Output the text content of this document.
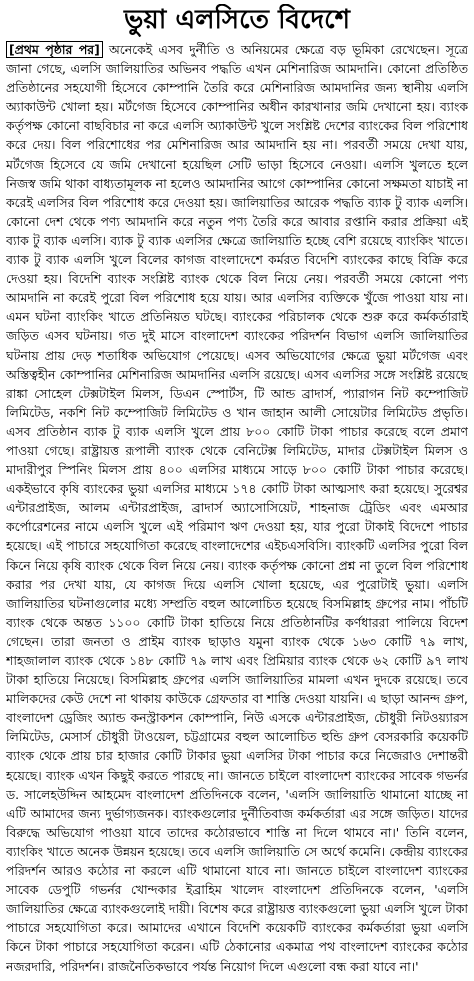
ভুয়া এলসিতে বিদেশে
[প্রথম পৃষ্ঠার পর] অনেকেই এসব দুর্নীতি ও অনিয়মের ক্ষেত্রে বড় ভূমিকা রেখেছেন। সূত্রে জানা গেছে, এলসি জালিয়াতির অভিনব পদ্ধতি এখন মেশিনারিজ আমদানি। কোনো প্রতিষ্ঠিত প্রতিষ্ঠানের সহযোগী হিসেবে কোম্পানি তৈরি করে মেশিনারিজ আমদানির জন্য স্থানীয় এলসি অ্যাকাউন্ট খোলা হয়। মর্টগেজ হিসেবে কোম্পানির অধীন কারখানার জমি দেখানো হয়। ব্যাংক কর্তৃপক্ষ কোনো বাছবিচার না করে এলসি অ্যাকাউন্ট খুলে সংশ্লিষ্ট দেশের ব্যাংকের বিল পরিশোধ করে দেয়। বিল পরিশোধের পর মেশিনারিজ আর আমদানি হয় না। পরবর্তী সময়ে দেখা যায়, মর্টগেজ হিসেবে যে জমি দেখানো হয়েছিল সেটি ভাড়া হিসেবে নেওয়া। এলসি খুলতে হলে নিজস্ব জমি থাকা বাধ্যতামূলক না হলেও আমদানির আগে কোম্পানির কোনো সক্ষমতা যাচাই না করেই এলসির বিল পরিশোধ করে দেওয়া হয়। জালিয়াতির আরেক পদ্ধতি ব্যাক টু ব্যাক এলসি। কোনো দেশ থেকে পণ্য আমদানি করে নতুন পণ্য তৈরি করে আবার রপ্তানি করার প্রক্রিয়া এই ব্যাক টু ব্যাক এলসি। ব্যাক টু ব্যাক এলসির ক্ষেত্রে জালিয়াতি হচ্ছে বেশি রয়েছে ব্যাংকিং খাতে। ব্যাক টু ব্যাক এলসি খুলে বিলের কাগজ বাংলাদেশে কর্মরত বিদেশি ব্যাংকের কাছে বিক্রি করে দেওয়া হয়। বিদেশি ব্যাংক সংশ্লিষ্ট ব্যাংক থেকে বিল নিয়ে নেয়। পরবর্তী সময়ে কোনো পণ্য আমদানি না করেই পুরো বিল পরিশোধ হয়ে যায়। আর এলসির ব্যক্তিকে খুঁজে পাওয়া যায় না। এমন ঘটনা ব্যাংকিং খাতে প্রতিনিয়ত ঘটছে। ব্যাংকের পরিচালক থেকে শুরু করে কর্মকর্তারাই জড়িত এসব ঘটনায়। গত দুই মাসে বাংলাদেশ ব্যাংকের পরিদর্শন বিভাগ এলসি জালিয়াতির ঘটনায় প্রায় দেড় শতাধিক অভিযোগ পেয়েছে। এসব অভিযোগের ক্ষেত্রে ভুয়া মর্টগেজ এবং অস্তিত্বহীন কোম্পানির মেশিনারিজ আমদানির এলসি রয়েছে। এসব এলসির সঙ্গে সংশ্লিষ্ট রয়েছে রাঙ্কা সোহেল টেক্সটাইল মিলস, ডিএন স্পোর্টস, টি আন্ড ব্রাদার্স, প্যারাগন নিট কম্পোজিট লিমিটেড, নকশি নিট কম্পোজিট লিমিটেড ও খান জাহান আলী সোয়েটার লিমিটেড প্রভৃতি। এসব প্রতিষ্ঠান ব্যাক টু ব্যাক এলসি খুলে প্রায় ৮০০ কোটি টাকা পাচার করেছে বলে প্রমাণ পাওয়া গেছে। রাষ্ট্রায়ত্ত রূপালী ব্যাংক থেকে বেনিটেক্স লিমিটেড, মাদার টেক্সটাইল মিলস ও মাদারীপুর স্পিনিং মিলস প্রায় ৪০০ এলসির মাধ্যমে সাড়ে ৮০০ কোটি টাকা পাচার করেছে। একইভাবে কৃষি ব্যাংকের ভুয়া এলসির মাধ্যমে ১৭৪ কোটি টাকা আত্মসাৎ করা হয়েছে। সুরেশ্বর এন্টারপ্রাইজ, আলম এন্টারপ্রাইজ, ব্রাদার্স অ্যাসোসিয়েট, শাহনাজ ট্রেডিং এবং এমআর কর্পোরেশনের নামে এলসি খুলে এই পরিমাণ ঋণ দেওয়া হয়, যার পুরো টাকাই বিদেশে পাচার হয়েছে। এই পাচারে সহযোগিতা করেছে বাংলাদেশের এইচএসবিসি। ব্যাংকটি এলসির পুরো বিল কিনে নিয়ে কৃষি ব্যাংক থেকে বিল নিয়ে নেয়। ব্যাংক কর্তৃপক্ষ কোনো প্রশ্ন না তুলে বিল পরিশোধ করার পর দেখা যায়, যে কাগজ দিয়ে এলসি খোলা হয়েছে, এর পুরোটাই ভুয়া। এলসি জালিয়াতির ঘটনাগুলোর মধ্যে সম্প্রতি বহুল আলোচিত হয়েছে বিসমিল্লাহ গ্রুপের নাম। পাঁচটি ব্যাংক থেকে অন্তত ১১০০ কোটি টাকা হাতিয়ে নিয়ে প্রতিষ্ঠানটির কর্ণধাররা পালিয়ে বিদেশ গেছেন। তারা জনতা ও প্রাইম ব্যাংক ছাড়াও যমুনা ব্যাংক থেকে ১৬৩ কোটি ৭৯ লাখ, শাহজালাল ব্যাংক থেকে ১৪৮ কোটি ৭৯ লাখ এবং প্রিমিয়ার ব্যাংক থেকে ৬২ কোটি ৯৭ লাখ টাকা হাতিয়ে নিয়েছে। বিসমিল্লাহ গ্রুপের এলসি জালিয়াতির মামলা এখন দুদকে রয়েছে। তবে মালিকদের কেউ দেশে না থাকায় কাউকে গ্রেফতার বা শাস্তি দেওয়া যায়নি। এ ছাড়া আনন্দ গ্রুপ, বাংলাদেশ ড্রেজিং অ্যান্ড কনস্ট্রাকশন কোম্পানি, নিউ এসকে এন্টারপ্রাইজ, চৌধুরী নিটওয়্যারস লিমিটেড, মেসার্স চৌধুরী টাওয়েল, চট্টগ্রামের বহুল আলোচিত হুন্ডি গ্রুপ বেসরকারি কয়েকটি ব্যাংক থেকে প্রায় চার হাজার কোটি টাকার ভুয়া এলসির টাকা পাচার করে নিজেরাও দেশান্তরী হয়েছে। ব্যাংক এখন কিছুই করতে পারছে না। জানতে চাইলে বাংলাদেশ ব্যাংকের সাবেক গভর্নর ড. সালেহউদ্দিন আহমেদ বাংলাদেশ প্রতিদিনকে বলেন, 'এলসি জালিয়াতি থামানো যাচ্ছে না এটি আমাদের জন্য দুর্ভাগ্যজনক। ব্যাংকগুলোর দুর্নীতিবাজ কর্মকর্তারা এর সঙ্গে জড়িত। যাদের বিরুদ্ধে অভিযোগ পাওয়া যাবে তাদের কঠোরভাবে শাস্তি না দিলে থামবে না।' তিনি বলেন, ব্যাংকিং খাতে অনেক উন্নয়ন হয়েছে। তবে এলসি জালিয়াতি সে অর্থে কমেনি। কেন্দ্রীয় ব্যাংকের পরিদর্শন আরও কঠোর না করলে এটি থামানো যাবে না। জানতে চাইলে বাংলাদেশ ব্যাংকের সাবেক ডেপুটি গভর্নর খোন্দকার ইব্রাহিম খালেদ বাংলাদেশ প্রতিদিনকে বলেন, 'এলসি জালিয়াতির ক্ষেত্রে ব্যাংকগুলোই দায়ী। বিশেষ করে রাষ্ট্রায়ত্ত ব্যাংকগুলো ভুয়া এলসি খুলে টাকা পাচারে সহযোগিতা করে। আমাদের এখানে বিদেশি কয়েকটি ব্যাংকের কর্মকর্তারা ভুয়া এলসি কিনে টাকা পাচারে সহযোগিতা করেন। এটি ঠেকানোর একমাত্র পথ বাংলাদেশ ব্যাংকের কঠোর নজরদারি, পরিদর্শন। রাজনৈতিকভাবে পর্যন্ত নিয়োগ দিলে এগুলো বন্ধ করা যাবে না।'
